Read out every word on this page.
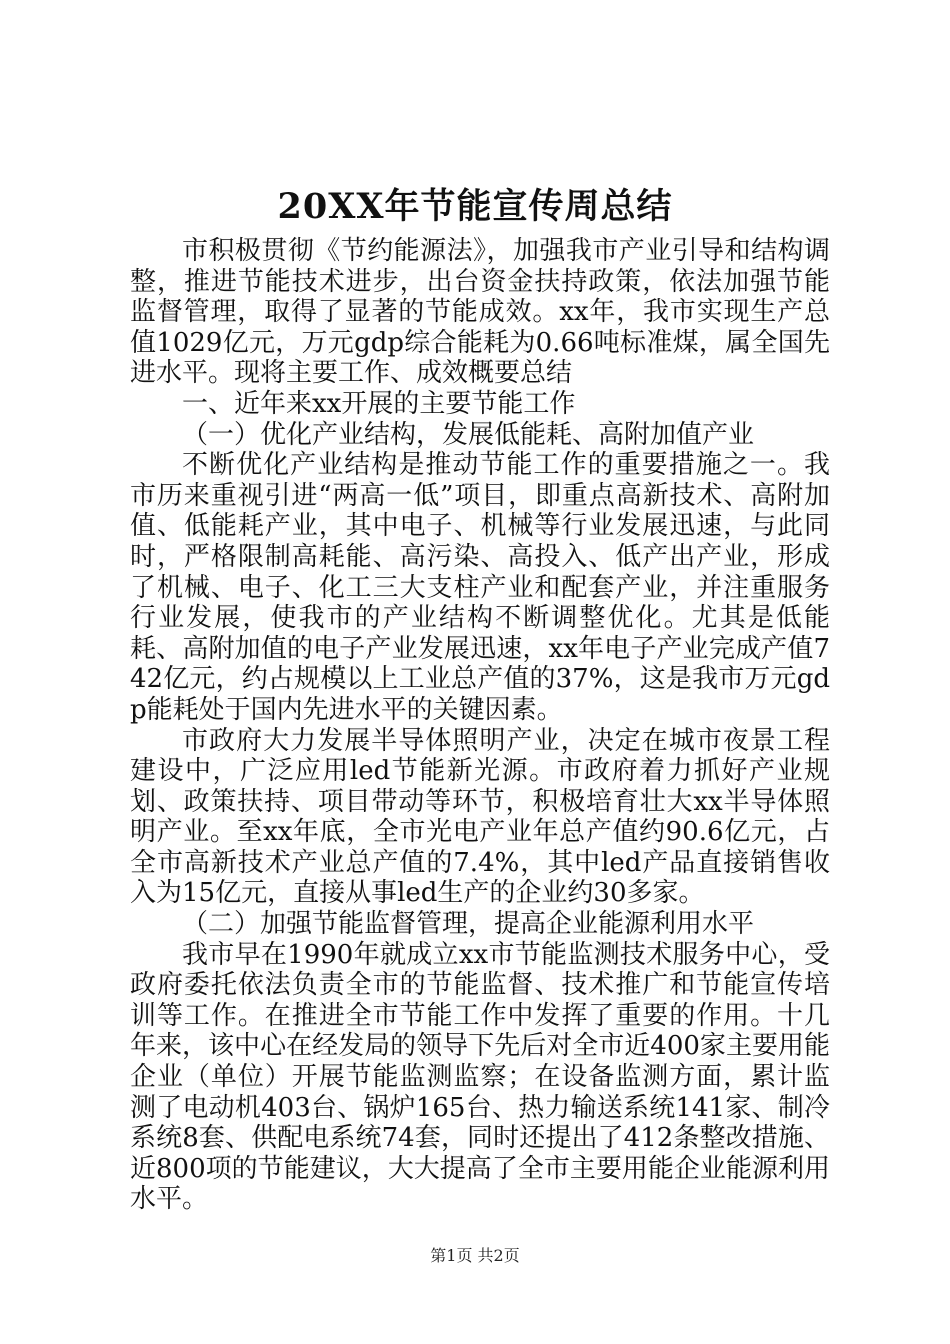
20XX年节能宣传周总结

市积极贯彻《节约能源法》，加强我市产业引导和结构调整，推进节能技术进步，出台资金扶持政策，依法加强节能监督管理，取得了显著的节能成效。xx年，我市实现生产总值1029亿元，万元gdp综合能耗为0.66吨标准煤，属全国先进水平。现将主要工作、成效概要总结

一、近年来xx开展的主要节能工作

（一）优化产业结构，发展低能耗、高附加值产业

不断优化产业结构是推动节能工作的重要措施之一。我市历来重视引进“两高一低”项目，即重点高新技术、高附加值、低能耗产业，其中电子、机械等行业发展迅速，与此同时，严格限制高耗能、高污染、高投入、低产出产业，形成了机械、电子、化工三大支柱产业和配套产业，并注重服务行业发展，使我市的产业结构不断调整优化。尤其是低能耗、高附加值的电子产业发展迅速，xx年电子产业完成产值742亿元，约占规模以上工业总产值的37%，这是我市万元gdp能耗处于国内先进水平的关键因素。

市政府大力发展半导体照明产业，决定在城市夜景工程建设中，广泛应用led节能新光源。市政府着力抓好产业规划、政策扶持、项目带动等环节，积极培育壮大xx半导体照明产业。至xx年底，全市光电产业年总产值约90.6亿元，占全市高新技术产业总产值的7.4%，其中led产品直接销售收入为15亿元，直接从事led生产的企业约30多家。

（二）加强节能监督管理，提高企业能源利用水平

我市早在1990年就成立xx市节能监测技术服务中心，受政府委托依法负责全市的节能监督、技术推广和节能宣传培训等工作。在推进全市节能工作中发挥了重要的作用。十几年来，该中心在经发局的领导下先后对全市近400家主要用能企业（单位）开展节能监测监察；在设备监测方面，累计监测了电动机403台、锅炉165台、热力输送系统141家、制冷系统8套、供配电系统74套，同时还提出了412条整改措施、近800项的节能建议，大大提高了全市主要用能企业能源利用水平。

第1页 共2页
